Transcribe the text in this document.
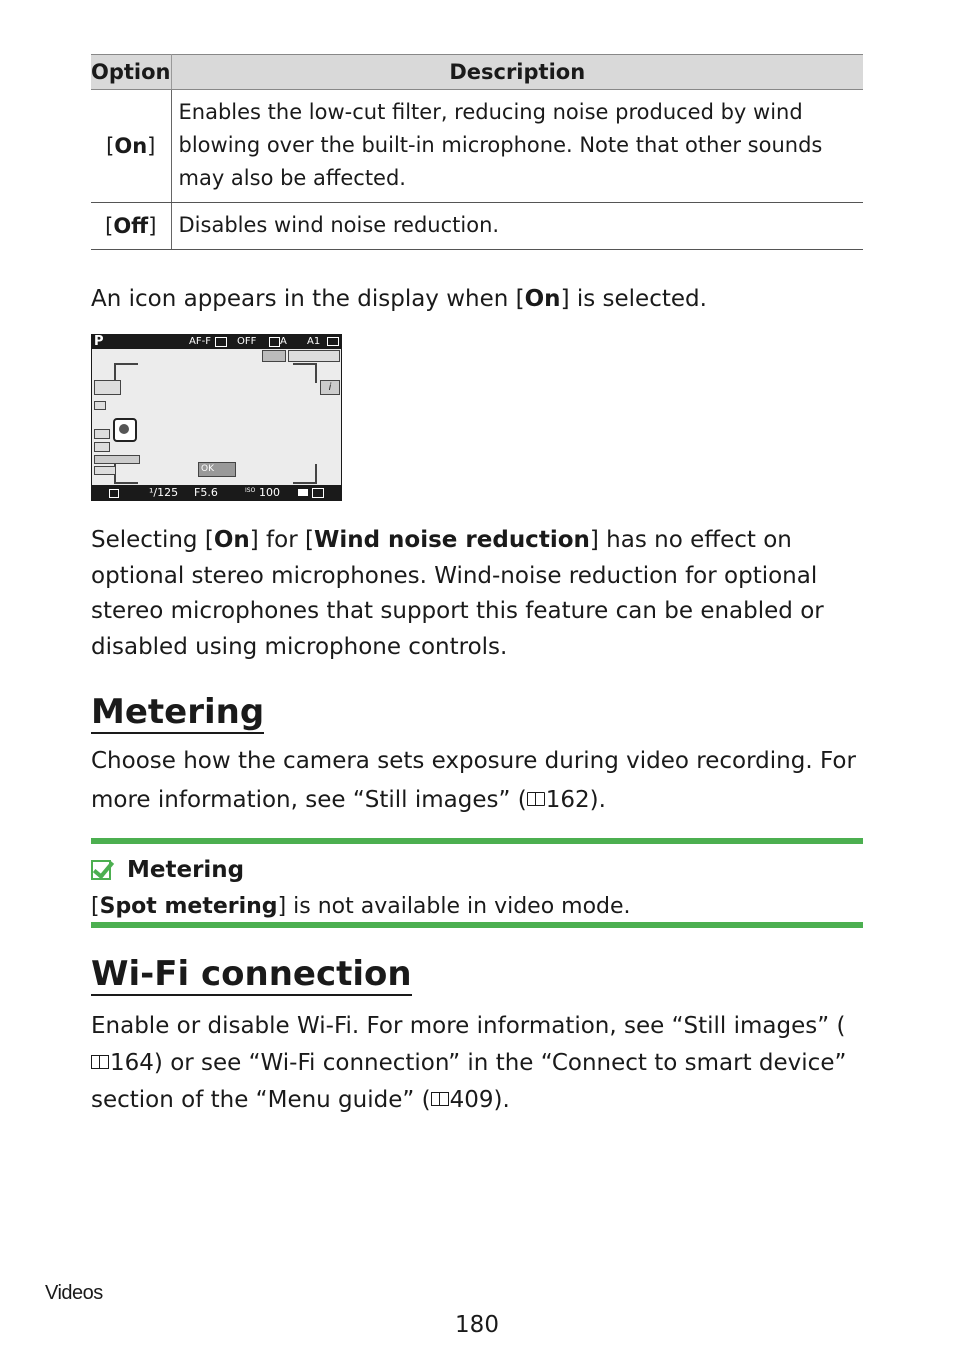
Option	Description
[On]	Enables the low-cut filter, reducing noise produced by wind blowing over the built-in microphone. Note that other sounds may also be affected.
[Off]	Disables wind noise reduction.

An icon appears in the display when [On] is selected.

P	AF-F	OFF A A1
i
OK
¹/125 F5.6	ISO 100

Selecting [On] for [Wind noise reduction] has no effect on optional stereo microphones. Wind-noise reduction for optional stereo microphones that support this feature can be enabled or disabled using microphone controls.

Metering

Choose how the camera sets exposure during video recording. For more information, see “Still images” ( 162).

Metering
[Spot metering] is not available in video mode.
Wi-Fi connection

Enable or disable Wi-Fi. For more information, see “Still images” (
164) or see “Wi-Fi connection” in the “Connect to smart device” section of the “Menu guide” ( 409).

Videos
180
